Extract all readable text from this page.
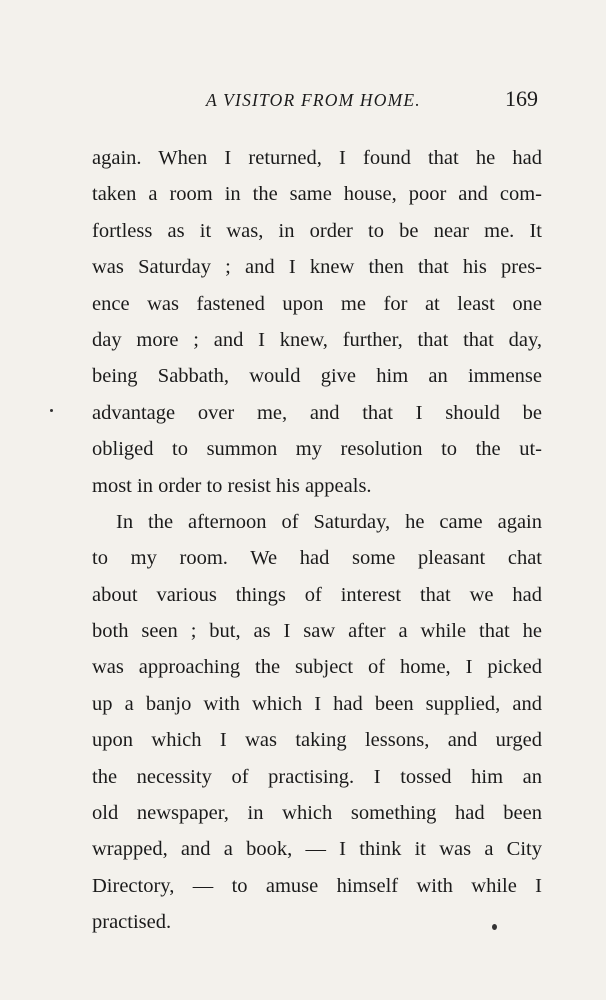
A VISITOR FROM HOME.	169
again. When I returned, I found that he had
taken a room in the same house, poor and com-
fortless as it was, in order to be near me. It
was Saturday ; and I knew then that his pres-
ence was fastened upon me for at least one
day more ; and I knew, further, that that day,
being Sabbath, would give him an immense
advantage over me, and that I should be
obliged to summon my resolution to the ut-
most in order to resist his appeals.
In the afternoon of Saturday, he came again
to my room. We had some pleasant chat
about various things of interest that we had
both seen ; but, as I saw after a while that he
was approaching the subject of home, I picked
up a banjo with which I had been supplied, and
upon which I was taking lessons, and urged
the necessity of practising. I tossed him an
old newspaper, in which something had been
wrapped, and a book, — I think it was a City
Directory, — to amuse himself with while I
practised.
